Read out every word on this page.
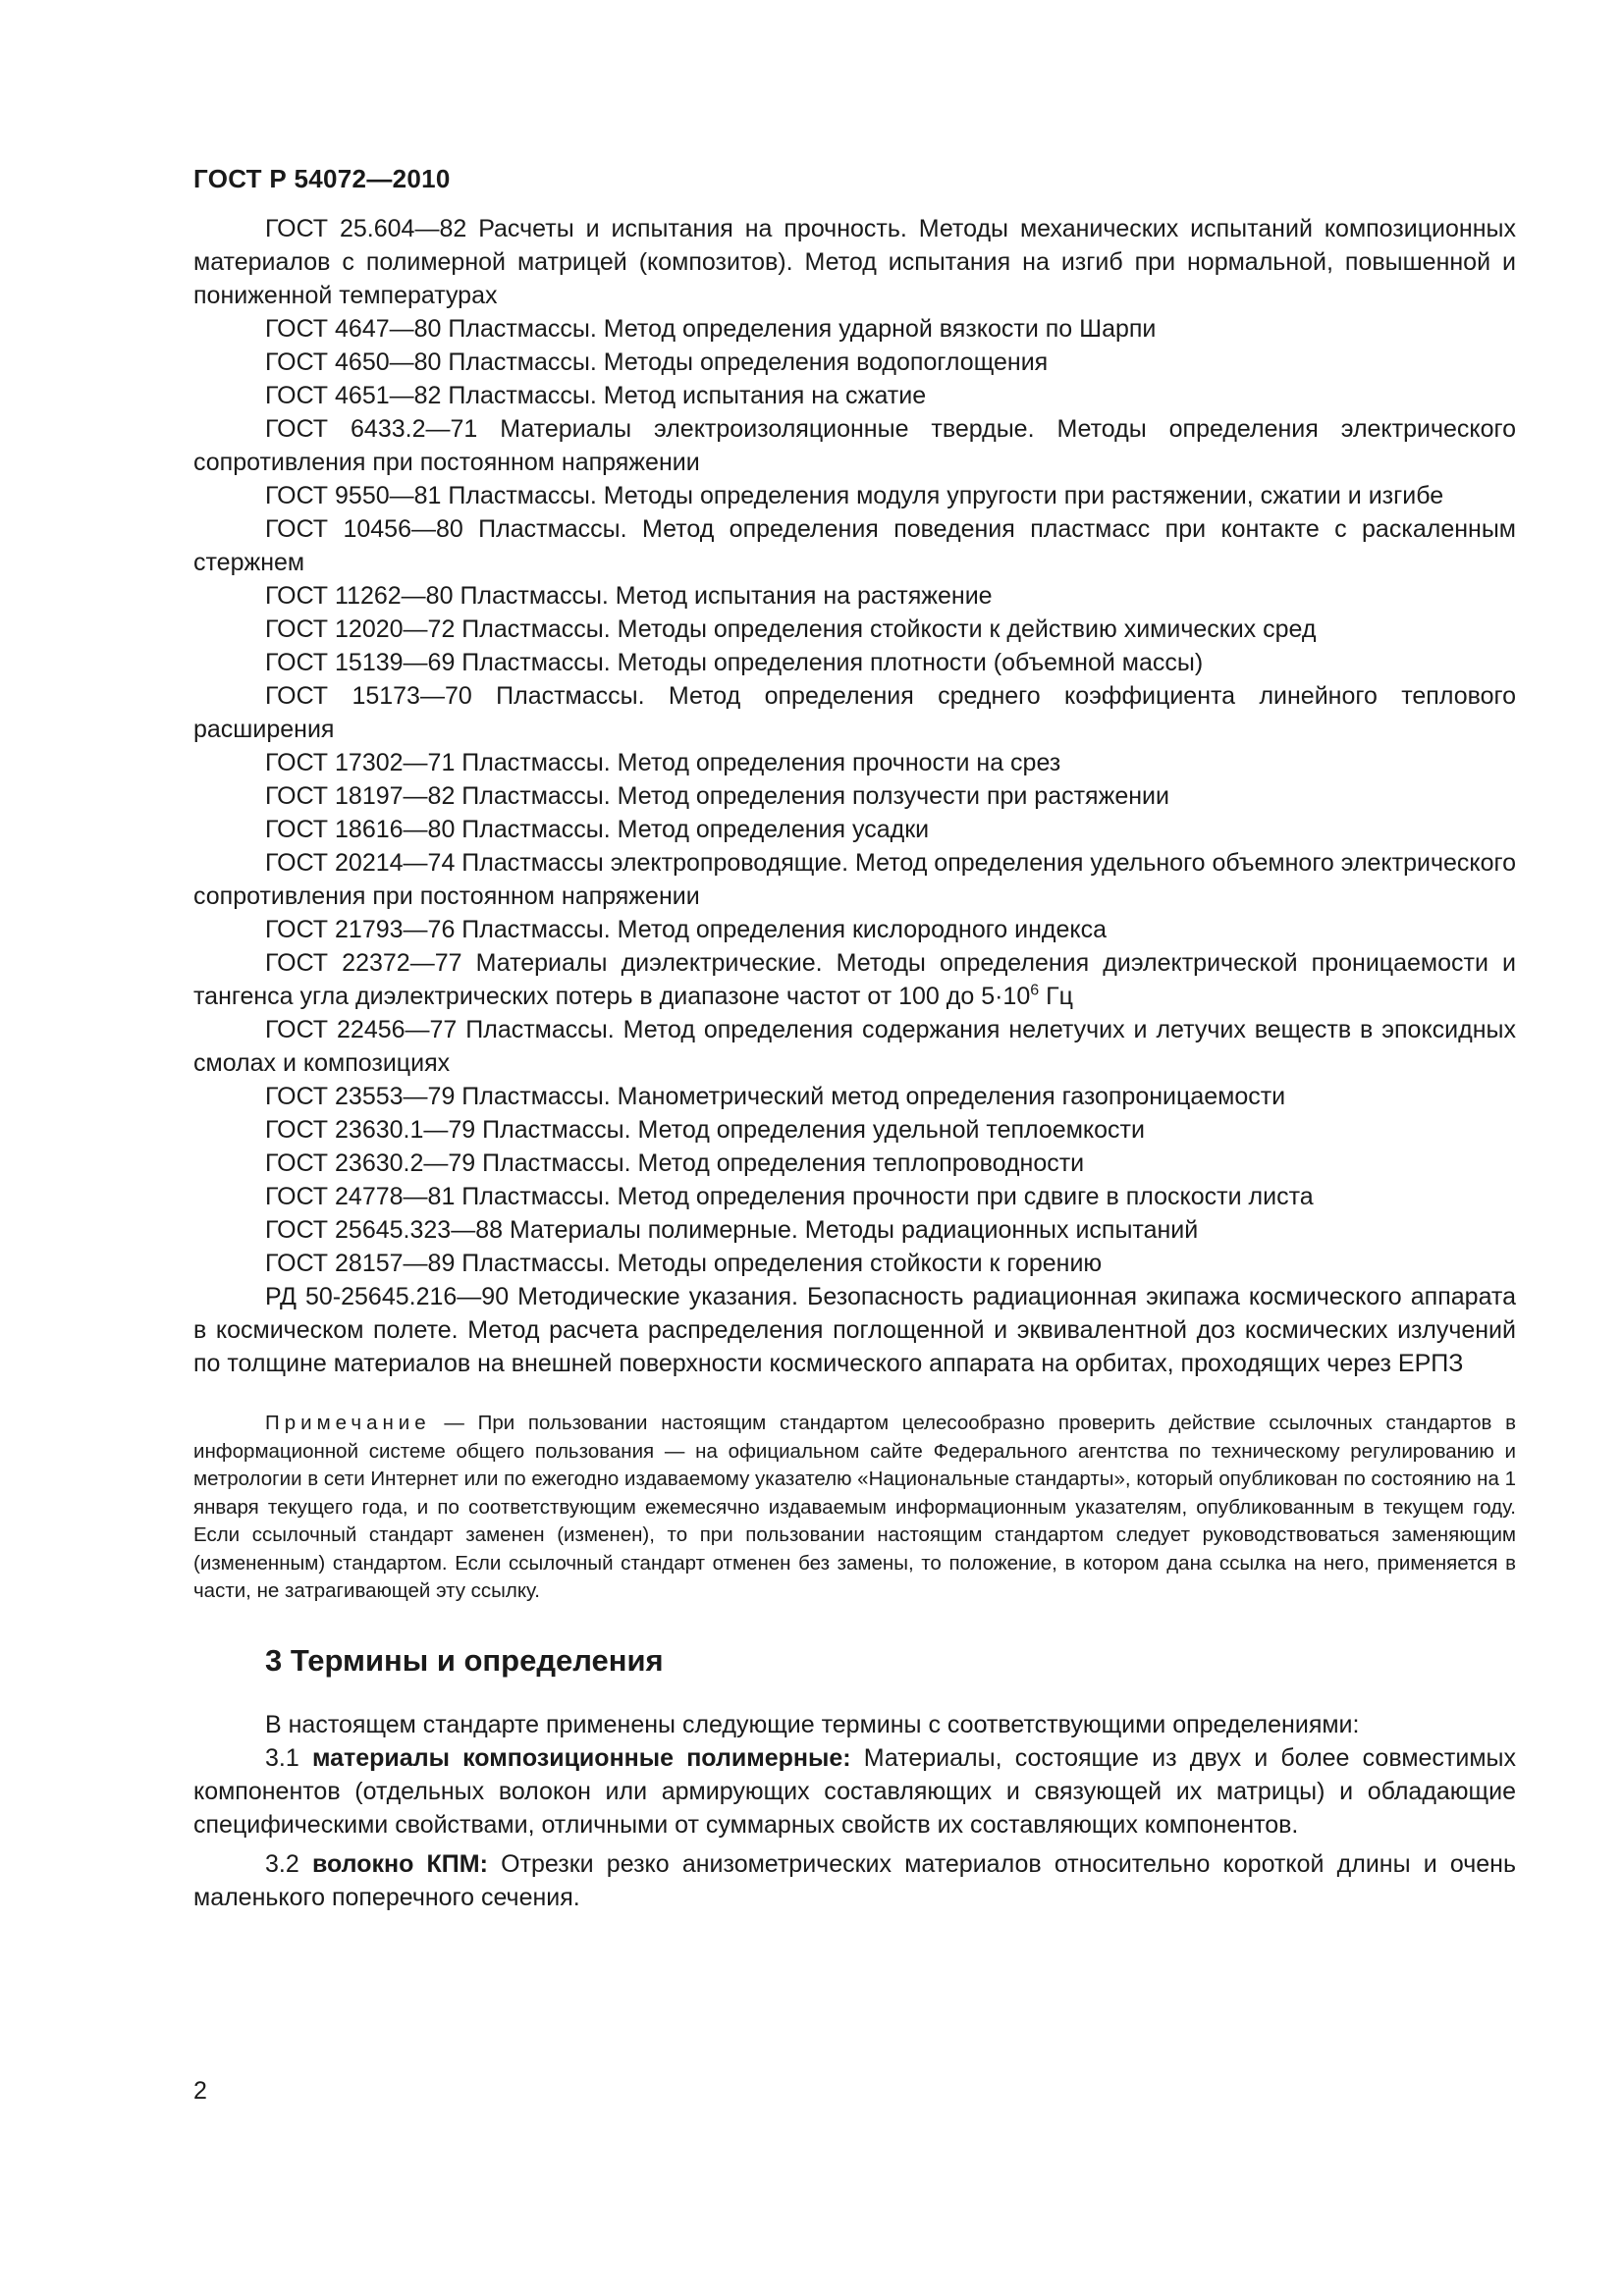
ГОСТ Р 54072—2010

ГОСТ 25.604—82 Расчеты и испытания на прочность. Методы механических испытаний композиционных материалов с полимерной матрицей (композитов). Метод испытания на изгиб при нормальной, повышенной и пониженной температурах

ГОСТ 4647—80 Пластмассы. Метод определения ударной вязкости по Шарпи

ГОСТ 4650—80 Пластмассы. Методы определения водопоглощения

ГОСТ 4651—82 Пластмассы. Метод испытания на сжатие

ГОСТ 6433.2—71 Материалы электроизоляционные твердые. Методы определения электрического сопротивления при постоянном напряжении

ГОСТ 9550—81 Пластмассы. Методы определения модуля упругости при растяжении, сжатии и изгибе

ГОСТ 10456—80 Пластмассы. Метод определения поведения пластмасс при контакте с раскаленным стержнем

ГОСТ 11262—80 Пластмассы. Метод испытания на растяжение

ГОСТ 12020—72 Пластмассы. Методы определения стойкости к действию химических сред

ГОСТ 15139—69 Пластмассы. Методы определения плотности (объемной массы)

ГОСТ 15173—70 Пластмассы. Метод определения среднего коэффициента линейного теплового расширения

ГОСТ 17302—71 Пластмассы. Метод определения прочности на срез

ГОСТ 18197—82 Пластмассы. Метод определения ползучести при растяжении

ГОСТ 18616—80 Пластмассы. Метод определения усадки

ГОСТ 20214—74 Пластмассы электропроводящие. Метод определения удельного объемного электрического сопротивления при постоянном напряжении

ГОСТ 21793—76 Пластмассы. Метод определения кислородного индекса

ГОСТ 22372—77 Материалы диэлектрические. Методы определения диэлектрической проницаемости и тангенса угла диэлектрических потерь в диапазоне частот от 100 до $5\cdot 10^6$ Гц

ГОСТ 22456—77 Пластмассы. Метод определения содержания нелетучих и летучих веществ в эпоксидных смолах и композициях

ГОСТ 23553—79 Пластмассы. Манометрический метод определения газопроницаемости

ГОСТ 23630.1—79 Пластмассы. Метод определения удельной теплоемкости

ГОСТ 23630.2—79 Пластмассы. Метод определения теплопроводности

ГОСТ 24778—81 Пластмассы. Метод определения прочности при сдвиге в плоскости листа

ГОСТ 25645.323—88 Материалы полимерные. Методы радиационных испытаний

ГОСТ 28157—89 Пластмассы. Методы определения стойкости к горению

РД 50-25645.216—90 Методические указания. Безопасность радиационная экипажа космического аппарата в космическом полете. Метод расчета распределения поглощенной и эквивалентной доз космических излучений по толщине материалов на внешней поверхности космического аппарата на орбитах, проходящих через ЕРПЗ

Примечание — При пользовании настоящим стандартом целесообразно проверить действие ссылочных стандартов в информационной системе общего пользования — на официальном сайте Федерального агентства по техническому регулированию и метрологии в сети Интернет или по ежегодно издаваемому указателю «Национальные стандарты», который опубликован по состоянию на 1 января текущего года, и по соответствующим ежемесячно издаваемым информационным указателям, опубликованным в текущем году. Если ссылочный стандарт заменен (изменен), то при пользовании настоящим стандартом следует руководствоваться заменяющим (измененным) стандартом. Если ссылочный стандарт отменен без замены, то положение, в котором дана ссылка на него, применяется в части, не затрагивающей эту ссылку.

3 Термины и определения

В настоящем стандарте применены следующие термины с соответствующими определениями:

3.1 материалы композиционные полимерные: Материалы, состоящие из двух и более совместимых компонентов (отдельных волокон или армирующих составляющих и связующей их матрицы) и обладающие специфическими свойствами, отличными от суммарных свойств их составляющих компонентов.

3.2 волокно КПМ: Отрезки резко анизометрических материалов относительно короткой длины и очень маленького поперечного сечения.

2
